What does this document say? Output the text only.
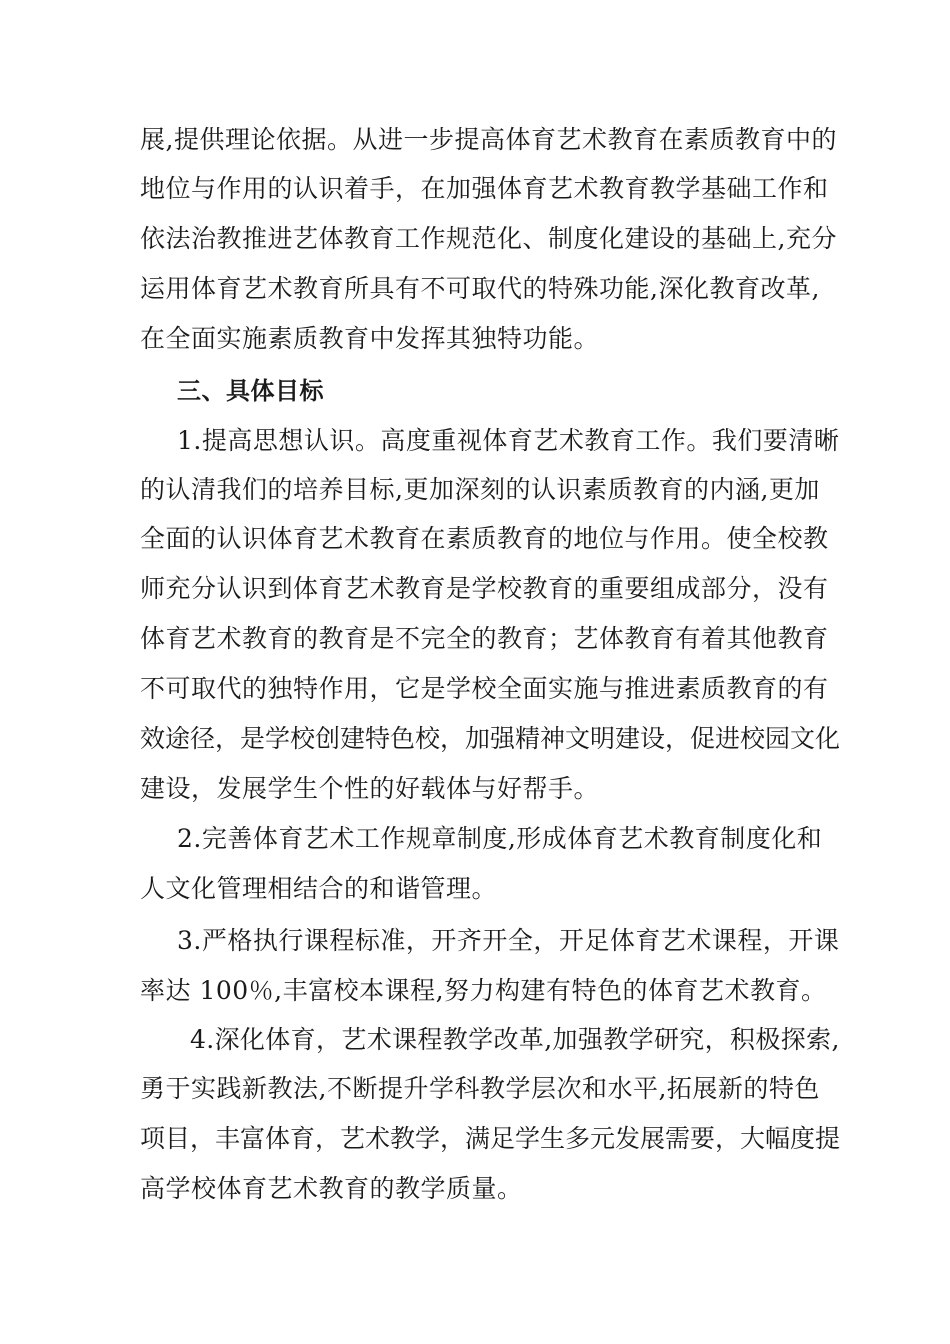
展,提供理论依据。从进一步提高体育艺术教育在素质教育中的
地位与作用的认识着手，在加强体育艺术教育教学基础工作和
依法治教推进艺体教育工作规范化、制度化建设的基础上,充分
运用体育艺术教育所具有不可取代的特殊功能,深化教育改革,
在全面实施素质教育中发挥其独特功能。
三、具体目标
1.提高思想认识。高度重视体育艺术教育工作。我们要清晰
的认清我们的培养目标,更加深刻的认识素质教育的内涵,更加
全面的认识体育艺术教育在素质教育的地位与作用。使全校教
师充分认识到体育艺术教育是学校教育的重要组成部分，没有
体育艺术教育的教育是不完全的教育；艺体教育有着其他教育
不可取代的独特作用，它是学校全面实施与推进素质教育的有
效途径，是学校创建特色校，加强精神文明建设，促进校园文化
建设，发展学生个性的好载体与好帮手。
2.完善体育艺术工作规章制度,形成体育艺术教育制度化和
人文化管理相结合的和谐管理。
3.严格执行课程标准，开齐开全，开足体育艺术课程，开课
率达 100％,丰富校本课程,努力构建有特色的体育艺术教育。
4.深化体育，艺术课程教学改革,加强教学研究，积极探索,
勇于实践新教法,不断提升学科教学层次和水平,拓展新的特色
项目，丰富体育，艺术教学，满足学生多元发展需要，大幅度提
高学校体育艺术教育的教学质量。
